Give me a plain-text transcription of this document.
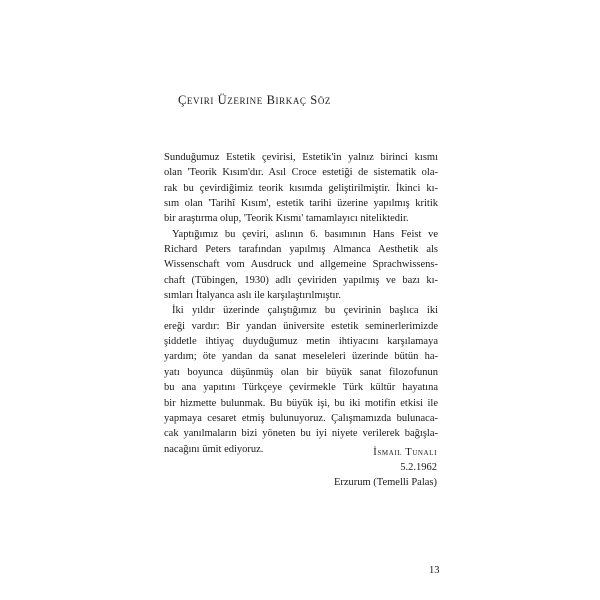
Çeviri Üzerine Birkaç Söz
Sunduğumuz Estetik çevirisi, Estetik'in yalnız birinci kısmı
olan 'Teorik Kısım'dır. Asıl Croce estetiği de sistematik ola-
rak bu çevirdiğimiz teorik kısımda geliştirilmiştir. İkinci kı-
sım olan 'Tarihî Kısım', estetik tarihi üzerine yapılmış kritik
bir araştırma olup, 'Teorik Kısmı' tamamlayıcı niteliktedir.
Yaptığımız bu çeviri, aslının 6. basımının Hans Feist ve
Richard Peters tarafından yapılmış Almanca Aesthetik als
Wissenschaft vom Ausdruck und allgemeine Sprachwissens-
chaft (Tübingen, 1930) adlı çeviriden yapılmış ve bazı kı-
sımları İtalyanca aslı ile karşılaştırılmıştır.
İki yıldır üzerinde çalıştığımız bu çevirinin başlıca iki
ereği vardır: Bir yandan üniversite estetik seminerlerimizde
şiddetle ihtiyaç duyduğumuz metin ihtiyacını karşılamaya
yardım; öte yandan da sanat meseleleri üzerinde bütün ha-
yatı boyunca düşünmüş olan bir büyük sanat filozofunun
bu ana yapıtını Türkçeye çevirmekle Türk kültür hayatına
bir hizmette bulunmak. Bu büyük işi, bu iki motifin etkisi ile
yapmaya cesaret etmiş bulunuyoruz. Çalışmamızda bulunaca-
cak yanılmaların bizi yöneten bu iyi niyete verilerek bağışla-
nacağını ümit ediyoruz.	İsmail Tunalı
5.2.1962
Erzurum (Temelli Palas)
13
